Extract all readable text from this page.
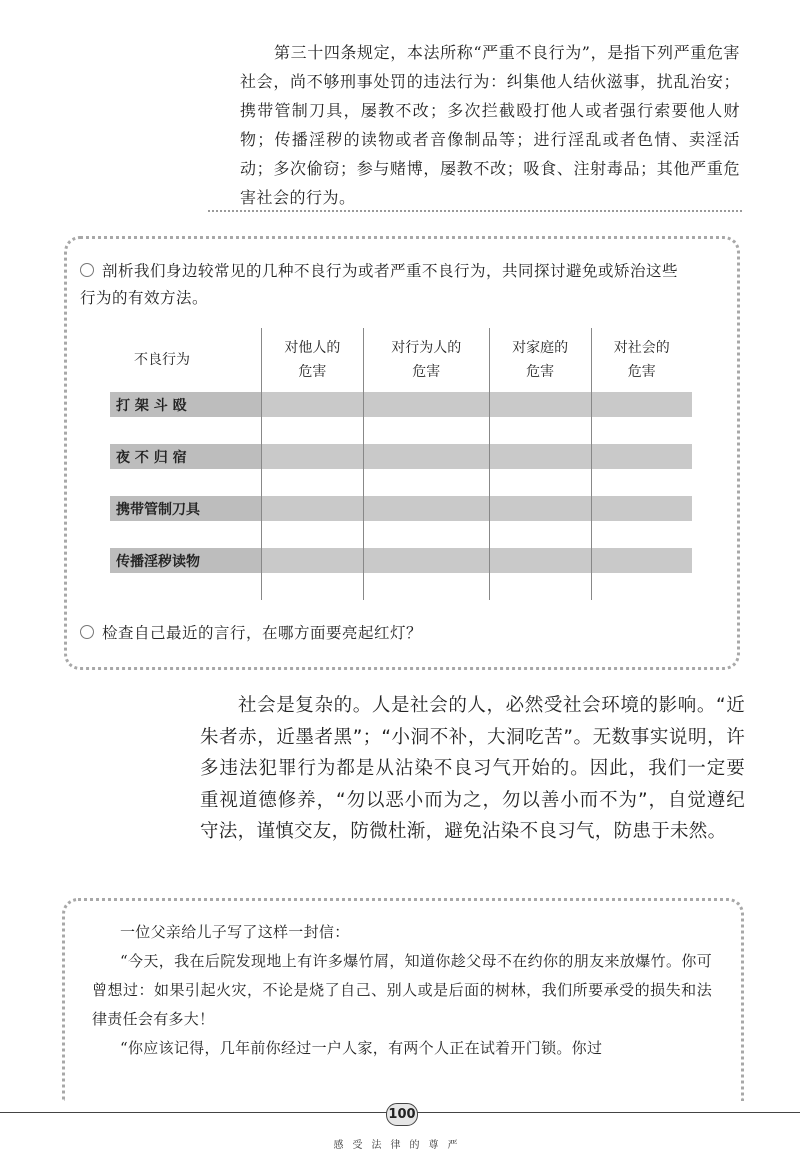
第三十四条规定，本法所称“严重不良行为”，是指下列严重危害社会，尚不够刑事处罚的违法行为：纠集他人结伙滋事，扰乱治安；携带管制刀具，屡教不改；多次拦截殴打他人或者强行索要他人财物；传播淫秽的读物或者音像制品等；进行淫乱或者色情、卖淫活动；多次偷窃；参与赌博，屡教不改；吸食、注射毒品；其他严重危害社会的行为。

剖析我们身边较常见的几种不良行为或者严重不良行为，共同探讨避免或矫治这些行为的有效方法。
不良行为	对他人的危害	对行为人的危害	对家庭的危害	对社会的危害
打 架 斗 殴				

夜 不 归 宿				

携带管制刀具				

传播淫秽读物				

检查自己最近的言行，在哪方面要亮起红灯？

社会是复杂的。人是社会的人，必然受社会环境的影响。“近朱者赤，近墨者黑”；“小洞不补，大洞吃苦”。无数事实说明，许多违法犯罪行为都是从沾染不良习气开始的。因此，我们一定要重视道德修养，“勿以恶小而为之，勿以善小而不为”，自觉遵纪守法，谨慎交友，防微杜渐，避免沾染不良习气，防患于未然。

一位父亲给儿子写了这样一封信：

“今天，我在后院发现地上有许多爆竹屑，知道你趁父母不在约你的朋友来放爆竹。你可曾想过：如果引起火灾，不论是烧了自己、别人或是后面的树林，我们所要承受的损失和法律责任会有多大！

“你应该记得，几年前你经过一户人家，有两个人正在试着开门锁。你过

100
感受法律的尊严
